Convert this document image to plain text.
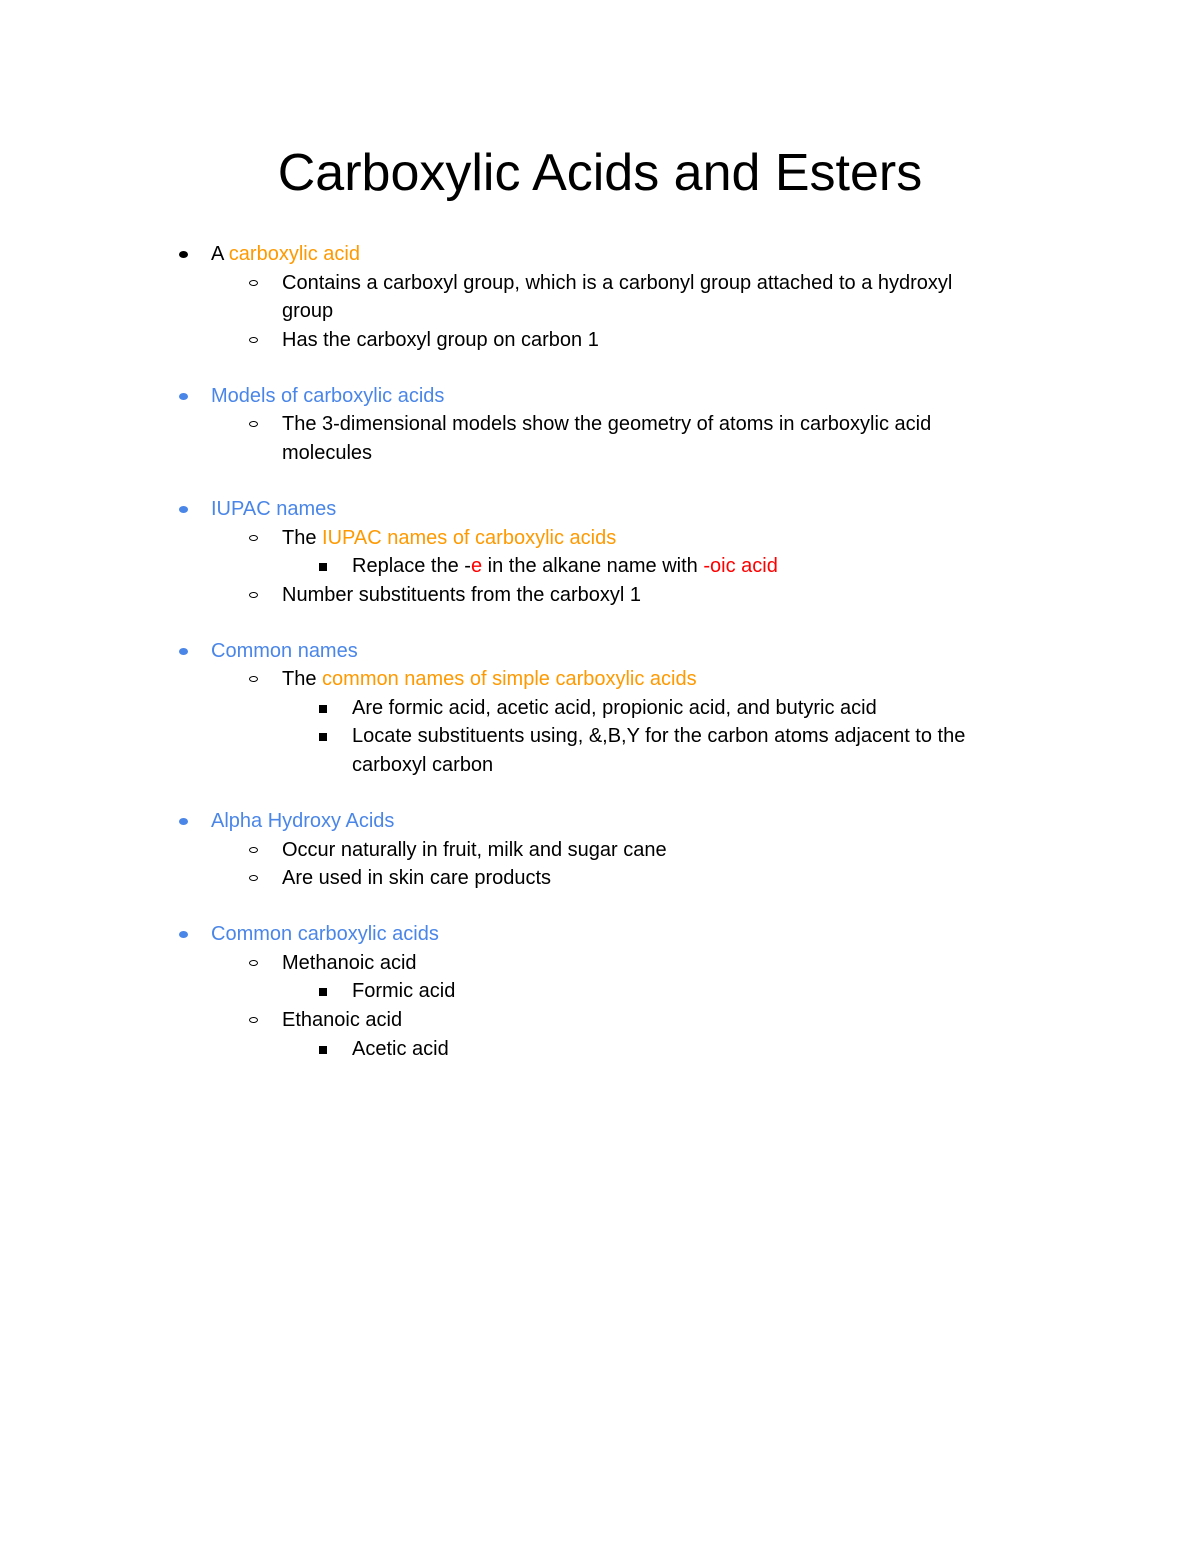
Carboxylic Acids and Esters
A carboxylic acid
Contains a carboxyl group, which is a carbonyl group attached to a hydroxyl
group
Has the carboxyl group on carbon 1
Models of carboxylic acids
The 3-dimensional models show the geometry of atoms in carboxylic acid
molecules
IUPAC names
The IUPAC names of carboxylic acids
Replace the -e in the alkane name with -oic acid
Number substituents from the carboxyl 1
Common names
The common names of simple carboxylic acids
Are formic acid, acetic acid, propionic acid, and butyric acid
Locate substituents using, &,B,Y for the carbon atoms adjacent to the
carboxyl carbon
Alpha Hydroxy Acids
Occur naturally in fruit, milk and sugar cane
Are used in skin care products
Common carboxylic acids
Methanoic acid
Formic acid
Ethanoic acid
Acetic acid
